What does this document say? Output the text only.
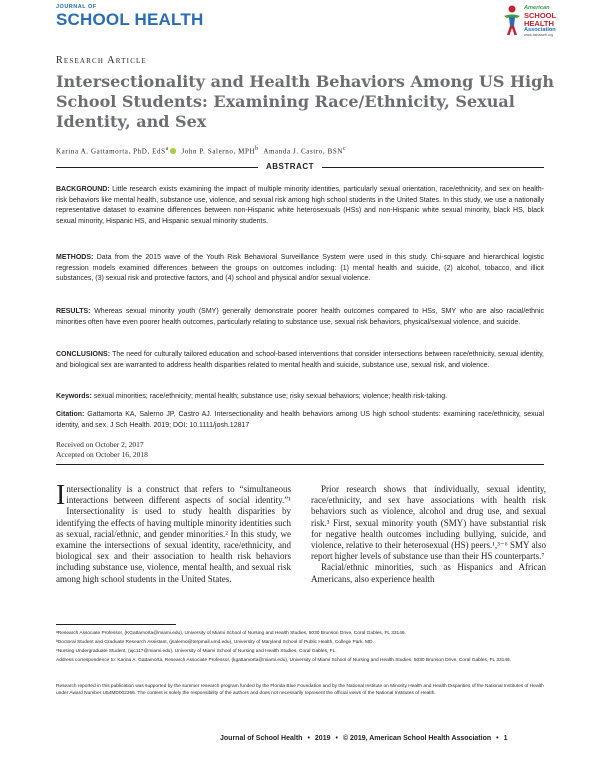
JOURNAL OF
SCHOOL HEALTH
American
SCHOOL
HEALTH
Association
www.ashaweb.org
Research Article
Intersectionality and Health Behaviors Among US High School Students: Examining Race/Ethnicity, Sexual Identity, and Sex
Karina A. Gattamorta, PhD, EdS$^a$ John P. Salerno, MPH$^b$ Amanda J. Castro, BSN$^c$
ABSTRACT

BACKGROUND: Little research exists examining the impact of multiple minority identities, particularly sexual orientation, race/ethnicity, and sex on health-risk behaviors like mental health, substance use, violence, and sexual risk among high school students in the United States. In this study, we use a nationally representative dataset to examine differences between non-Hispanic white heterosexuals (HSs) and non-Hispanic white sexual minority, black HS, black sexual minority, Hispanic HS, and Hispanic sexual minority students.

METHODS: Data from the 2015 wave of the Youth Risk Behavioral Surveillance System were used in this study. Chi-square and hierarchical logistic regression models examined differences between the groups on outcomes including: (1) mental health and suicide, (2) alcohol, tobacco, and illicit substances, (3) sexual risk and protective factors, and (4) school and physical and/or sexual violence.

RESULTS: Whereas sexual minority youth (SMY) generally demonstrate poorer health outcomes compared to HSs, SMY who are also racial/ethnic minorities often have even poorer health outcomes, particularly relating to substance use, sexual risk behaviors, physical/sexual violence, and suicide.

CONCLUSIONS: The need for culturally tailored education and school-based interventions that consider intersections between race/ethnicity, sexual identity, and biological sex are warranted to address health disparities related to mental health and suicide, substance use, sexual risk, and violence.

Keywords: sexual minorities; race/ethnicity; mental health; substance use; risky sexual behaviors; violence; health risk-taking.

Citation: Gattamorta KA, Salerno JP, Castro AJ. Intersectionality and health behaviors among US high school students: examining race/ethnicity, sexual identity, and sex. J Sch Health. 2019; DOI: 10.1111/josh.12817

Received on October 2, 2017
Accepted on October 16, 2018

Intersectionality is a construct that refers to “simultaneous interactions between different aspects of social identity.”¹ Intersectionality is used to study health disparities by identifying the effects of having multiple minority identities such as sexual, racial/ethnic, and gender minorities.² In this study, we examine the intersections of sexual identity, race/ethnicity, and biological sex and their association to health risk behaviors including substance use, violence, mental health, and sexual risk among high school students in the United States.

Prior research shows that individually, sexual identity, race/ethnicity, and sex have associations with health risk behaviors such as violence, alcohol and drug use, and sexual risk.³ First, sexual minority youth (SMY) have substantial risk for negative health outcomes including bullying, suicide, and violence, relative to their heterosexual (HS) peers.¹,³⁻⁶ SMY also report higher levels of substance use than their HS counterparts.⁷

Racial/ethnic minorities, such as Hispanics and African Americans, also experience health

ᵃResearch Associate Professor, (KGattamorta@miami.edu), University of Miami School of Nursing and Health Studies, 5030 Brunson Drive, Coral Gables, FL 33146.

ᵇDoctoral Student and Graduate Research Assistant, (jsalerno@terpmail.umd.edu), University of Maryland School of Public Health, College Park, MD.

ᶜNursing Undergraduate Student, (ajc117@miami.edu), University of Miami School of Nursing and Health Studies, Coral Gables, FL.

Address correspondence to: Karina A. Gattamorta, Research Associate Professor, (kgattamorta@miami.edu), University of Miami School of Nursing and Health Studies, 5030 Brunson Drive, Coral Gables, FL 33146.

Research reported in this publication was supported by the summer research program funded by the Florida Blue Foundation and by the National Institute on Minority Health and Health Disparities of the National Institutes of Health under Award Number U54MD002266. The content is solely the responsibility of the authors and does not necessarily represent the official views of the National Institutes of Health.

Journal of School Health • 2019 • © 2019, American School Health Association • 1
